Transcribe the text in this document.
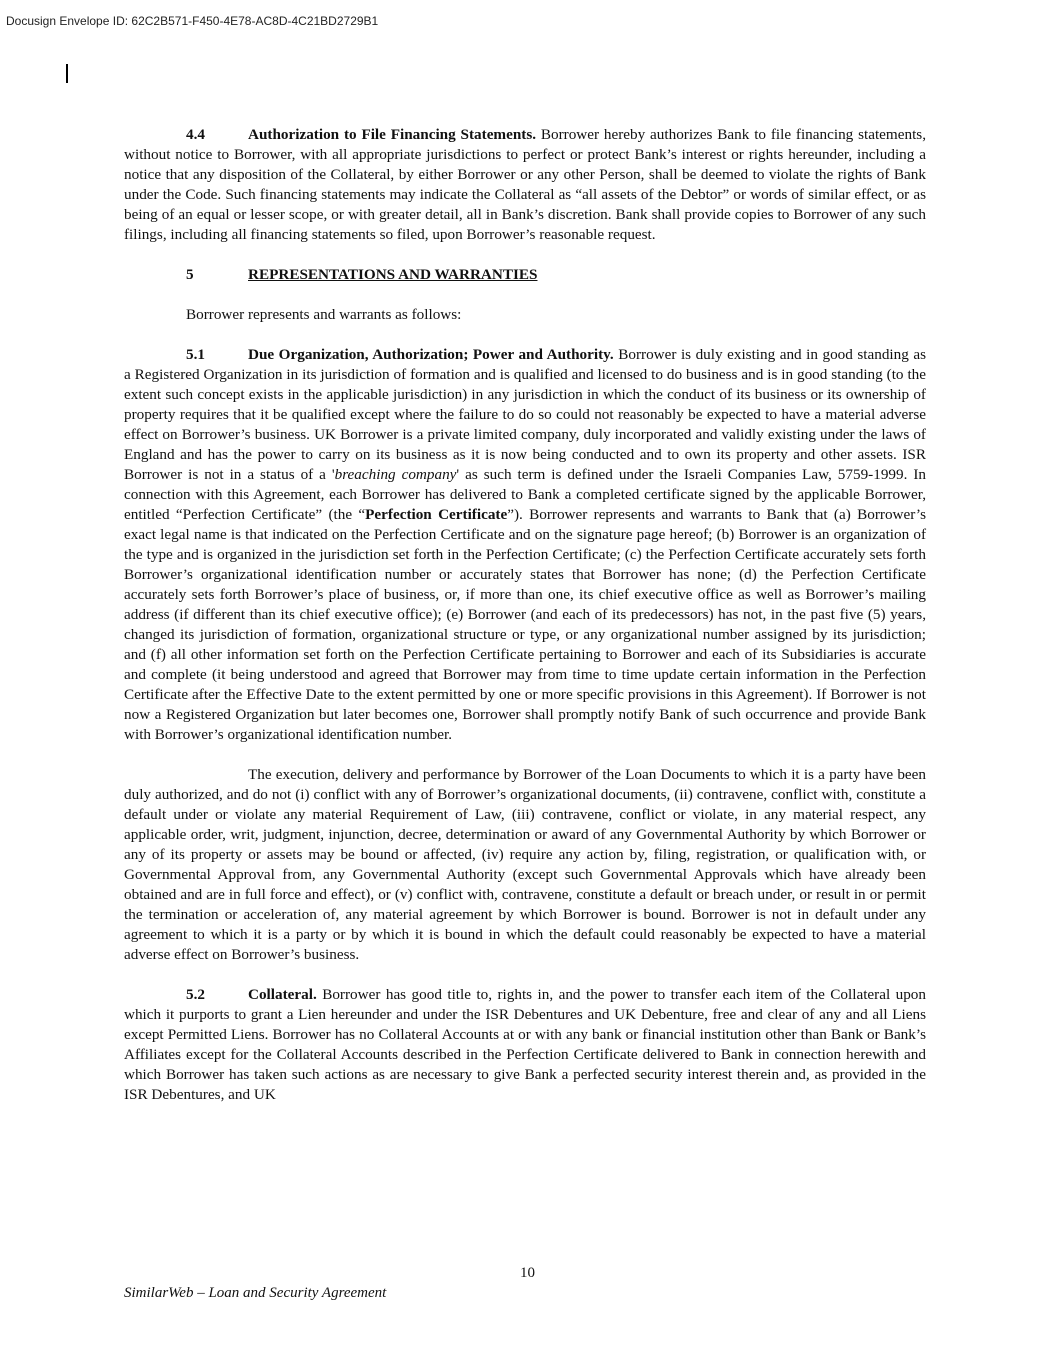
Docusign Envelope ID: 62C2B571-F450-4E78-AC8D-4C21BD2729B1

4.4	Authorization to File Financing Statements. Borrower hereby authorizes Bank to file financing statements, without notice to Borrower, with all appropriate jurisdictions to perfect or protect Bank’s interest or rights hereunder, including a notice that any disposition of the Collateral, by either Borrower or any other Person, shall be deemed to violate the rights of Bank under the Code. Such financing statements may indicate the Collateral as “all assets of the Debtor” or words of similar effect, or as being of an equal or lesser scope, or with greater detail, all in Bank’s discretion. Bank shall provide copies to Borrower of any such filings, including all financing statements so filed, upon Borrower’s reasonable request.

5	REPRESENTATIONS AND WARRANTIES

Borrower represents and warrants as follows:

5.1	Due Organization, Authorization; Power and Authority. Borrower is duly existing and in good standing as a Registered Organization in its jurisdiction of formation and is qualified and licensed to do business and is in good standing (to the extent such concept exists in the applicable jurisdiction) in any jurisdiction in which the conduct of its business or its ownership of property requires that it be qualified except where the failure to do so could not reasonably be expected to have a material adverse effect on Borrower’s business. UK Borrower is a private limited company, duly incorporated and validly existing under the laws of England and has the power to carry on its business as it is now being conducted and to own its property and other assets. ISR Borrower is not in a status of a 'breaching company' as such term is defined under the Israeli Companies Law, 5759-1999. In connection with this Agreement, each Borrower has delivered to Bank a completed certificate signed by the applicable Borrower, entitled “Perfection Certificate” (the “Perfection Certificate”). Borrower represents and warrants to Bank that (a) Borrower’s exact legal name is that indicated on the Perfection Certificate and on the signature page hereof; (b) Borrower is an organization of the type and is organized in the jurisdiction set forth in the Perfection Certificate; (c) the Perfection Certificate accurately sets forth Borrower’s organizational identification number or accurately states that Borrower has none; (d) the Perfection Certificate accurately sets forth Borrower’s place of business, or, if more than one, its chief executive office as well as Borrower’s mailing address (if different than its chief executive office); (e) Borrower (and each of its predecessors) has not, in the past five (5) years, changed its jurisdiction of formation, organizational structure or type, or any organizational number assigned by its jurisdiction; and (f) all other information set forth on the Perfection Certificate pertaining to Borrower and each of its Subsidiaries is accurate and complete (it being understood and agreed that Borrower may from time to time update certain information in the Perfection Certificate after the Effective Date to the extent permitted by one or more specific provisions in this Agreement). If Borrower is not now a Registered Organization but later becomes one, Borrower shall promptly notify Bank of such occurrence and provide Bank with Borrower’s organizational identification number.

The execution, delivery and performance by Borrower of the Loan Documents to which it is a party have been duly authorized, and do not (i) conflict with any of Borrower’s organizational documents, (ii) contravene, conflict with, constitute a default under or violate any material Requirement of Law, (iii) contravene, conflict or violate, in any material respect, any applicable order, writ, judgment, injunction, decree, determination or award of any Governmental Authority by which Borrower or any of its property or assets may be bound or affected, (iv) require any action by, filing, registration, or qualification with, or Governmental Approval from, any Governmental Authority (except such Governmental Approvals which have already been obtained and are in full force and effect), or (v) conflict with, contravene, constitute a default or breach under, or result in or permit the termination or acceleration of, any material agreement by which Borrower is bound. Borrower is not in default under any agreement to which it is a party or by which it is bound in which the default could reasonably be expected to have a material adverse effect on Borrower’s business.

5.2	Collateral. Borrower has good title to, rights in, and the power to transfer each item of the Collateral upon which it purports to grant a Lien hereunder and under the ISR Debentures and UK Debenture, free and clear of any and all Liens except Permitted Liens. Borrower has no Collateral Accounts at or with any bank or financial institution other than Bank or Bank’s Affiliates except for the Collateral Accounts described in the Perfection Certificate delivered to Bank in connection herewith and which Borrower has taken such actions as are necessary to give Bank a perfected security interest therein and, as provided in the ISR Debentures, and UK

10
SimilarWeb – Loan and Security Agreement
